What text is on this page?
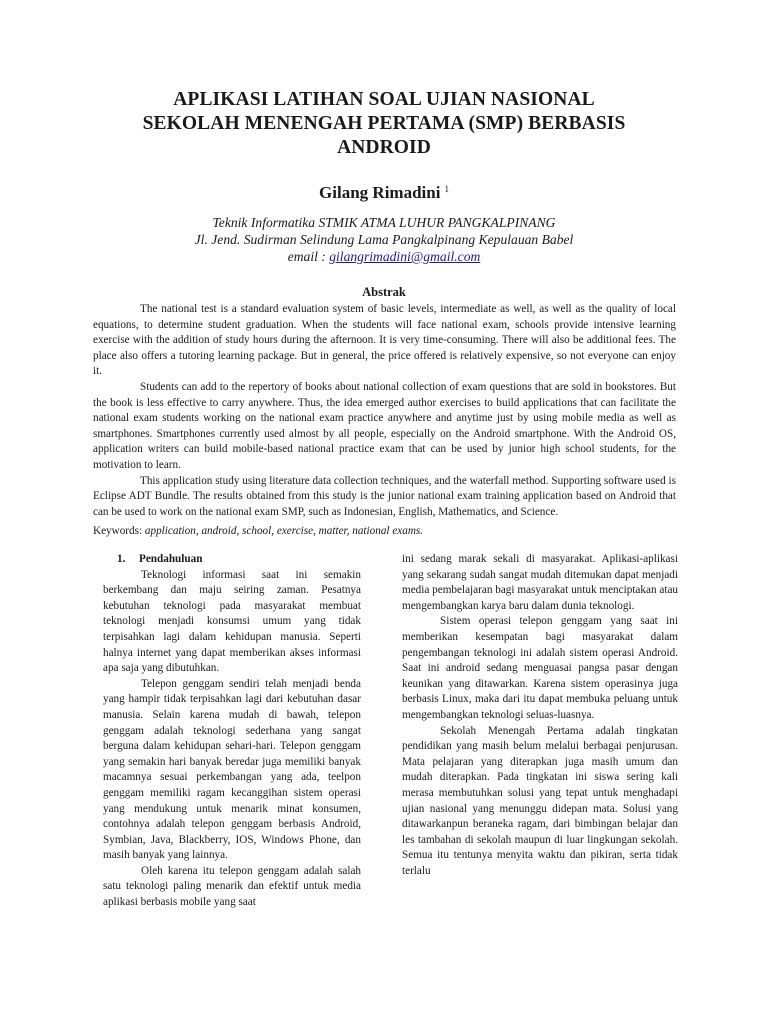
APLIKASI LATIHAN SOAL UJIAN NASIONAL
SEKOLAH MENENGAH PERTAMA (SMP) BERBASIS
ANDROID
Gilang Rimadini $^1$
Teknik Informatika STMIK ATMA LUHUR PANGKALPINANG
Jl. Jend. Sudirman Selindung Lama Pangkalpinang Kepulauan Babel
email : gilangrimadini@gmail.com
Abstrak

The national test is a standard evaluation system of basic levels, intermediate as well, as well as the quality of local equations, to determine student graduation. When the students will face national exam, schools provide intensive learning exercise with the addition of study hours during the afternoon. It is very time-consuming. There will also be additional fees. The place also offers a tutoring learning package. But in general, the price offered is relatively expensive, so not everyone can enjoy it.

Students can add to the repertory of books about national collection of exam questions that are sold in bookstores. But the book is less effective to carry anywhere. Thus, the idea emerged author exercises to build applications that can facilitate the national exam students working on the national exam practice anywhere and anytime just by using mobile media as well as smartphones. Smartphones currently used almost by all people, especially on the Android smartphone. With the Android OS, application writers can build mobile-based national practice exam that can be used by junior high school students, for the motivation to learn.

This application study using literature data collection techniques, and the waterfall method. Supporting software used is Eclipse ADT Bundle. The results obtained from this study is the junior national exam training application based on Android that can be used to work on the national exam SMP, such as Indonesian, English, Mathematics, and Science.

Keywords: application, android, school, exercise, matter, national exams.
1. Pendahuluan

Teknologi informasi saat ini semakin berkembang dan maju seiring zaman. Pesatnya kebutuhan teknologi pada masyarakat membuat teknologi menjadi konsumsi umum yang tidak terpisahkan lagi dalam kehidupan manusia. Seperti halnya internet yang dapat memberikan akses informasi apa saja yang dibutuhkan.

Telepon genggam sendiri telah menjadi benda yang hampir tidak terpisahkan lagi dari kebutuhan dasar manusia. Selain karena mudah di bawah, telepon genggam adalah teknologi sederhana yang sangat berguna dalam kehidupan sehari-hari. Telepon genggam yang semakin hari banyak beredar juga memiliki banyak macamnya sesuai perkembangan yang ada, teelpon genggam memiliki ragam kecanggihan sistem operasi yang mendukung untuk menarik minat konsumen, contohnya adalah telepon genggam berbasis Android, Symbian, Java, Blackberry, IOS, Windows Phone, dan masih banyak yang lainnya.

Oleh karena itu telepon genggam adalah salah satu teknologi paling menarik dan efektif untuk media aplikasi berbasis mobile yang saat

ini sedang marak sekali di masyarakat. Aplikasi-aplikasi yang sekarang sudah sangat mudah ditemukan dapat menjadi media pembelajaran bagi masyarakat untuk menciptakan atau mengembangkan karya baru dalam dunia teknologi.

Sistem operasi telepon genggam yang saat ini memberikan kesempatan bagi masyarakat dalam pengembangan teknologi ini adalah sistem operasi Android. Saat ini android sedang menguasai pangsa pasar dengan keunikan yang ditawarkan. Karena sistem operasinya juga berbasis Linux, maka dari itu dapat membuka peluang untuk mengembangkan teknologi seluas-luasnya.

Sekolah Menengah Pertama adalah tingkatan pendidikan yang masih belum melalui berbagai penjurusan. Mata pelajaran yang diterapkan juga masih umum dan mudah diterapkan. Pada tingkatan ini siswa sering kali merasa membutuhkan solusi yang tepat untuk menghadapi ujian nasional yang menunggu didepan mata. Solusi yang ditawarkanpun beraneka ragam, dari bimbingan belajar dan les tambahan di sekolah maupun di luar lingkungan sekolah. Semua itu tentunya menyita waktu dan pikiran, serta tidak terlalu
